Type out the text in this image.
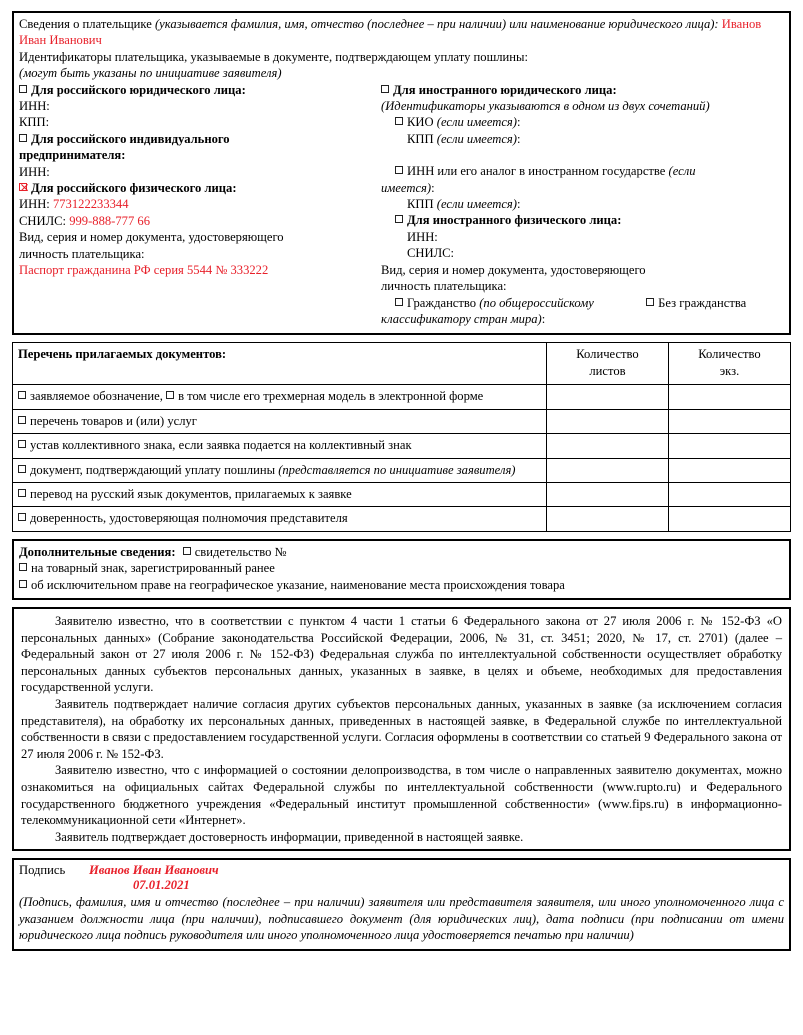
Сведения о плательщике (указывается фамилия, имя, отчество (последнее – при наличии) или наименование юридического лица): Иванов Иван Иванович
Идентификаторы плательщика, указываемые в документе, подтверждающем уплату пошлины:
(могут быть указаны по инициативе заявителя)
Для российского юридического лица:
ИНН:
КПП:
Для российского индивидуального
предпринимателя:
ИНН:
Для российского физического лица:
ИНН: 773122233344
СНИЛС: 999-888-777 66
Вид, серия и номер документа, удостоверяющего
личность плательщика:
Паспорт гражданина РФ серия 5544 № 333222
Для иностранного юридического лица:
(Идентификаторы указываются в одном из двух сочетаний)
КИО (если имеется):
КПП (если имеется):
ИНН или его аналог в иностранном государстве (если
имеется):
КПП (если имеется):
Для иностранного физического лица:
ИНН:
СНИЛС:
Вид, серия и номер документа, удостоверяющего
личность плательщика:
Гражданство (по общероссийскому	Без гражданства
классификатору стран мира):
Перечень прилагаемых документов:	Количество
листов

Количество
экз.

заявляемое обозначение, в том числе его трехмерная модель в электронной форме		
перечень товаров и (или) услуг		
устав коллективного знака, если заявка подается на коллективный знак		
документ, подтверждающий уплату пошлины (представляется по инициативе заявителя)		
перевод на русский язык документов, прилагаемых к заявке		
доверенность, удостоверяющая полномочия представителя		
Дополнительные сведения: свидетельство №
на товарный знак, зарегистрированный ранее
об исключительном праве на географическое указание, наименование места происхождения товара

Заявителю известно, что в соответствии с пунктом 4 части 1 статьи 6 Федерального закона от 27 июля 2006 г. № 152-ФЗ «О персональных данных» (Собрание законодательства Российской Федерации, 2006, № 31, ст. 3451; 2020, № 17, ст. 2701) (далее – Федеральный закон от 27 июля 2006 г. № 152-ФЗ) Федеральная служба по интеллектуальной собственности осуществляет обработку персональных данных субъектов персональных данных, указанных в заявке, в целях и объеме, необходимых для предоставления государственной услуги.

Заявитель подтверждает наличие согласия других субъектов персональных данных, указанных в заявке (за исключением согласия представителя), на обработку их персональных данных, приведенных в настоящей заявке, в Федеральной службе по интеллектуальной собственности в связи с предоставлением государственной услуги. Согласия оформлены в соответствии со статьей 9 Федерального закона от 27 июля 2006 г. № 152-ФЗ.

Заявителю известно, что с информацией о состоянии делопроизводства, в том числе о направленных заявителю документах, можно ознакомиться на официальных сайтах Федеральной службы по интеллектуальной собственности (www.rupto.ru) и Федерального государственного бюджетного учреждения «Федеральный институт промышленной собственности» (www.fips.ru) в информационно-телекоммуникационной сети «Интернет».

Заявитель подтверждает достоверность информации, приведенной в настоящей заявке.

Подпись	Иванов Иван Иванович
07.01.2021
(Подпись, фамилия, имя и отчество (последнее – при наличии) заявителя или представителя заявителя, или иного уполномоченного лица с указанием должности лица (при наличии), подписавшего документ (для юридических лиц), дата подписи (при подписании от имени юридического лица подпись руководителя или иного уполномоченного лица удостоверяется печатью при наличии)
